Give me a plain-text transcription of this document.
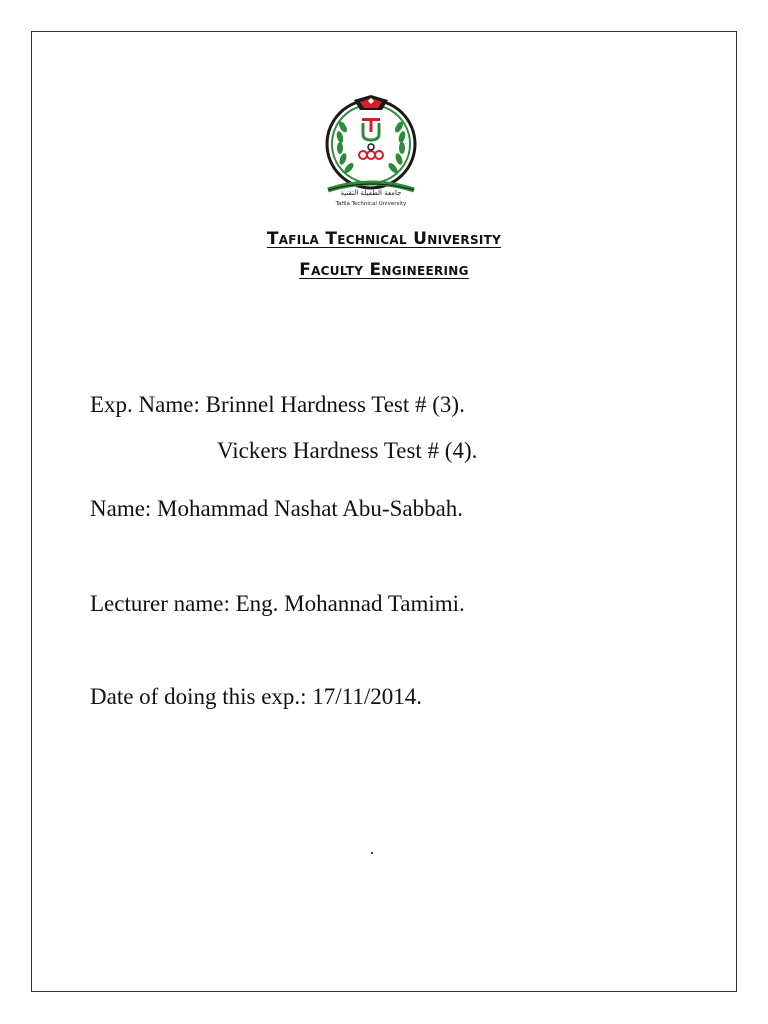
جامعة الطفيلة التقنية
Tafila Technical University
Tafila Technical University
Faculty Engineering
Exp. Name: Brinnel Hardness Test # (3).
Vickers Hardness Test # (4).
Name: Mohammad Nashat Abu-Sabbah.
Lecturer name: Eng. Mohannad Tamimi.
Date of doing this exp.: 17/11/2014.
